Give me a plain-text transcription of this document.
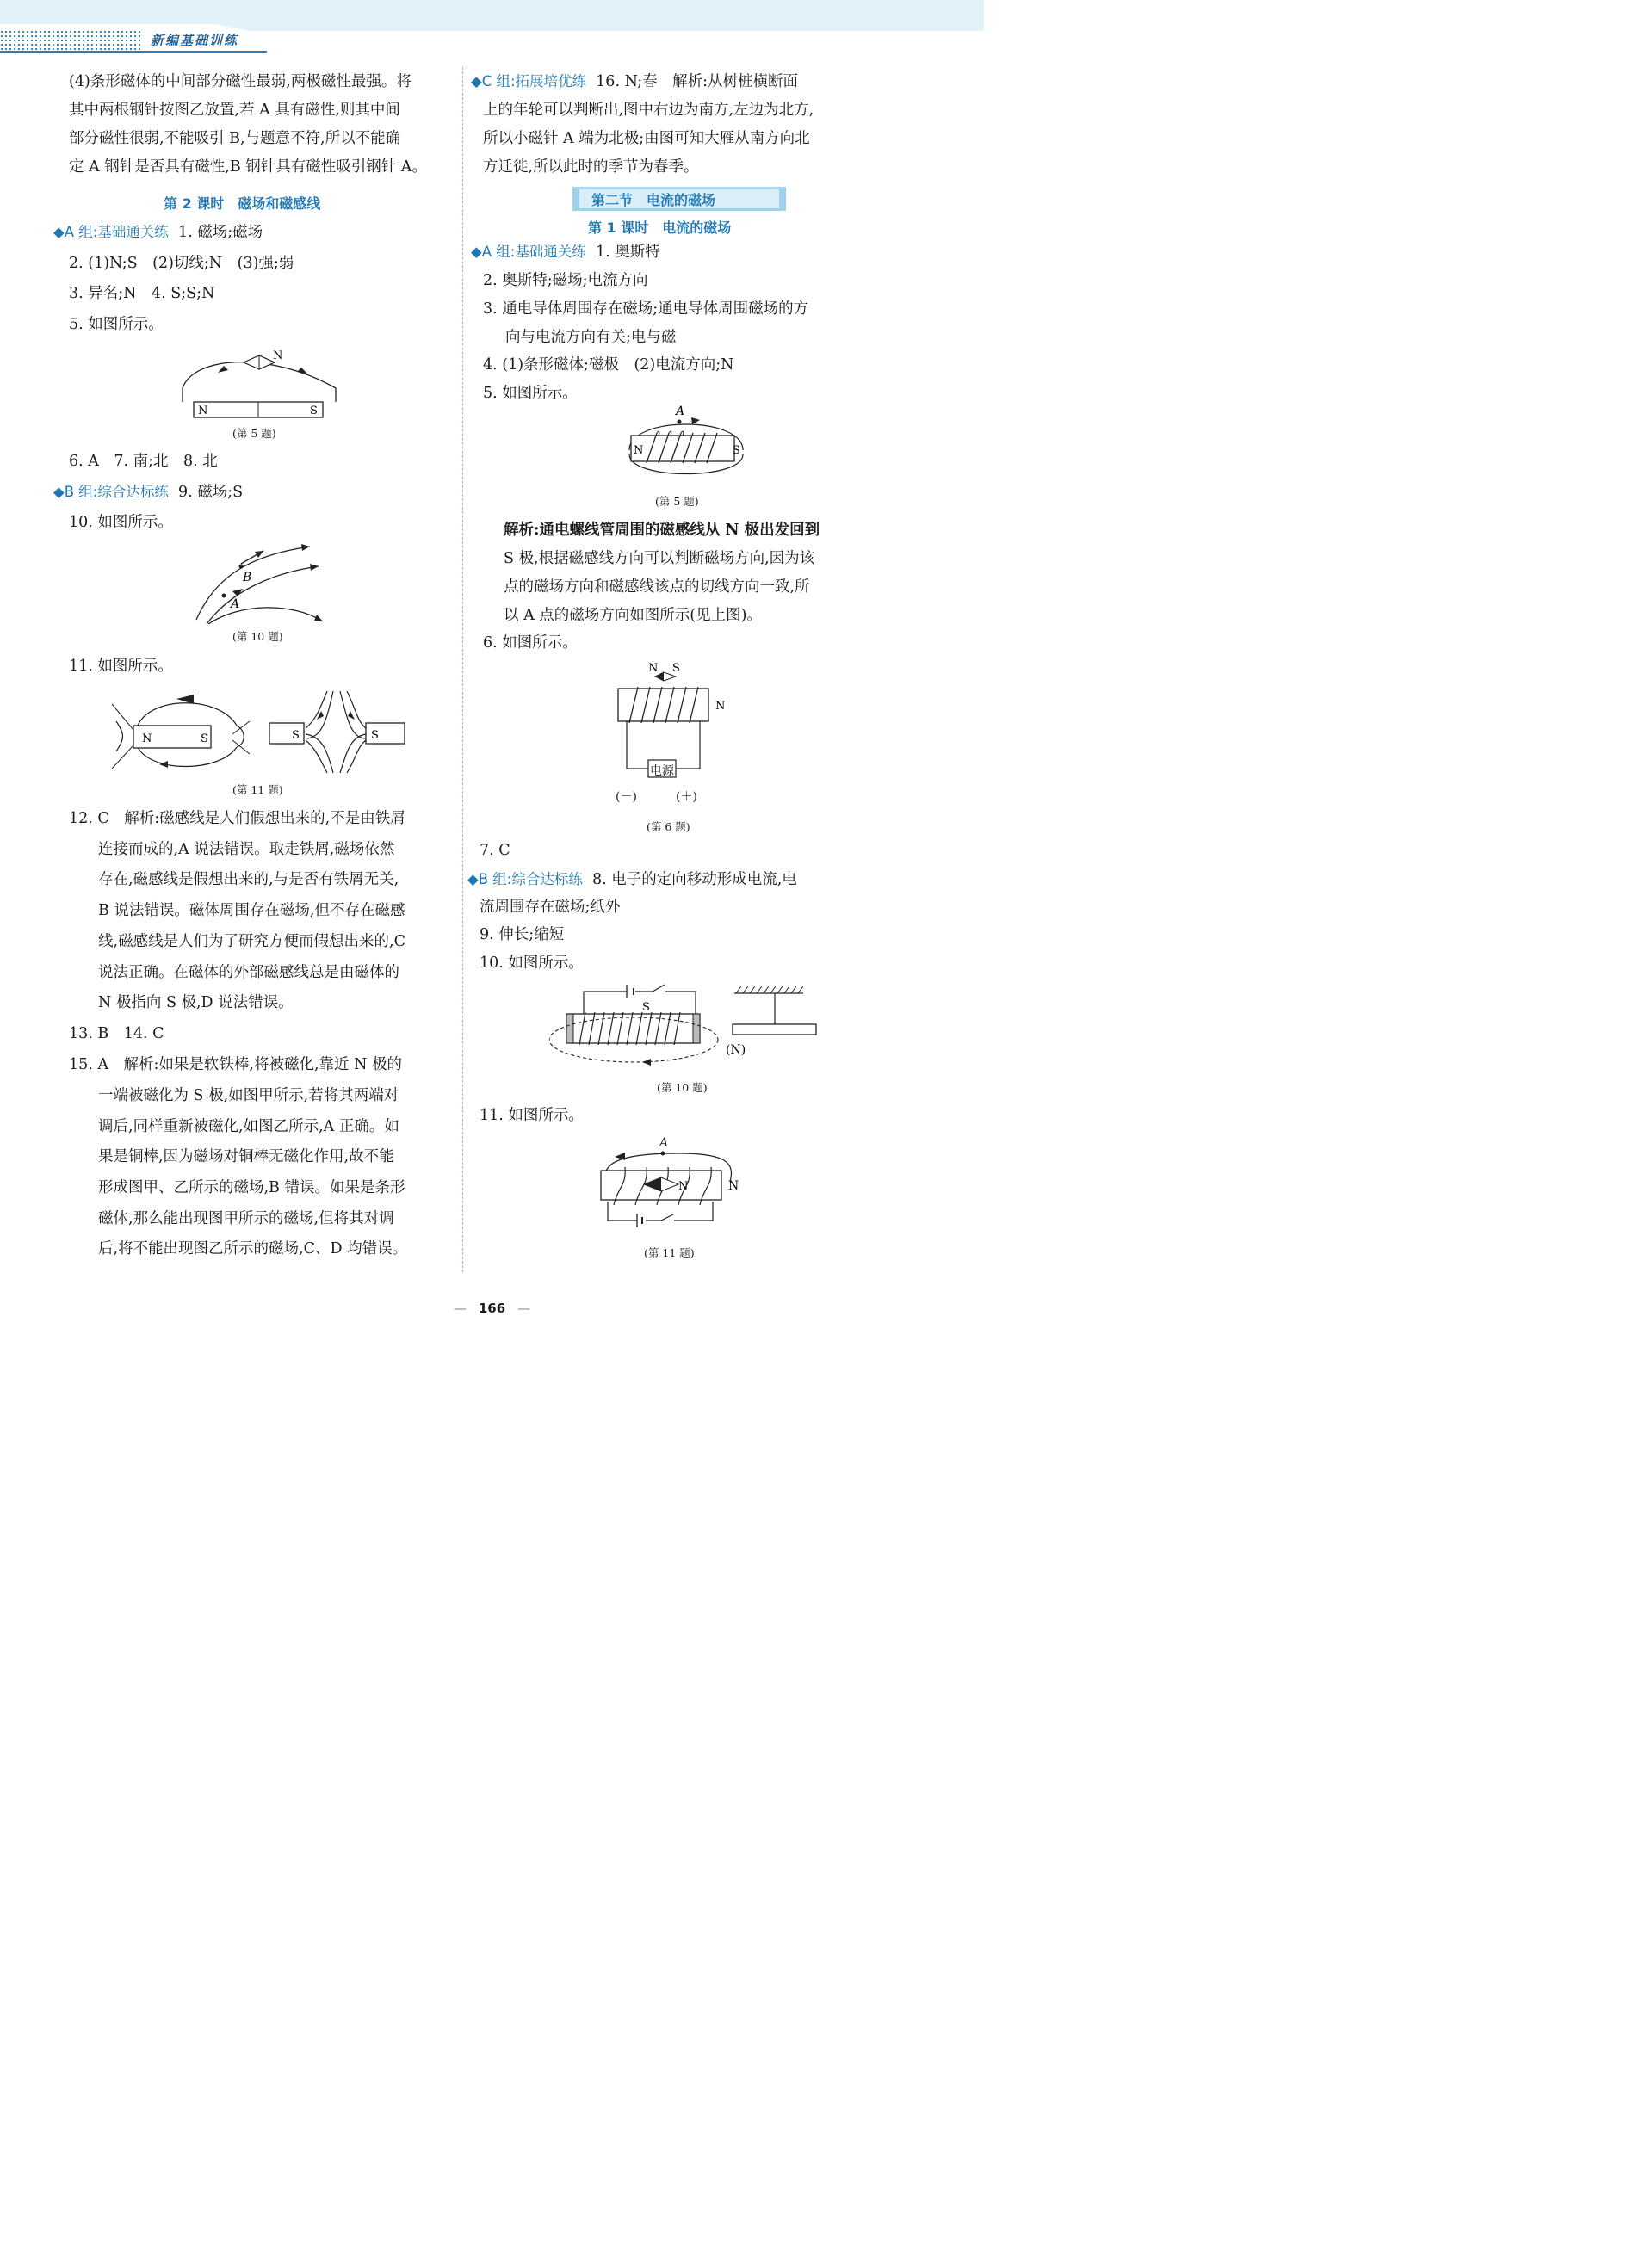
新编基础训练
(4)条形磁体的中间部分磁性最弱,两极磁性最强。将
其中两根钢针按图乙放置,若 A 具有磁性,则其中间
部分磁性很弱,不能吸引 B,与题意不符,所以不能确
定 A 钢针是否具有磁性,B 钢针具有磁性吸引钢针 A。
第 2 课时　磁场和磁感线
◆A 组:基础通关练 1. 磁场;磁场
2. (1)N;S　(2)切线;N　(3)强;弱
3. 异名;N　4. S;S;N
5. 如图所示。
N
N	S
(第 5 题)
6. A　7. 南;北　8. 北
◆B 组:综合达标练 9. 磁场;S
10. 如图所示。
B
A
(第 10 题)
11. 如图所示。
N	S	S	S
(第 11 题)
12. C　解析:磁感线是人们假想出来的,不是由铁屑
连接而成的,A 说法错误。取走铁屑,磁场依然
存在,磁感线是假想出来的,与是否有铁屑无关,
B 说法错误。磁体周围存在磁场,但不存在磁感
线,磁感线是人们为了研究方便而假想出来的,C
说法正确。在磁体的外部磁感线总是由磁体的
N 极指向 S 极,D 说法错误。
13. B　14. C
15. A　解析:如果是软铁棒,将被磁化,靠近 N 极的
一端被磁化为 S 极,如图甲所示,若将其两端对
调后,同样重新被磁化,如图乙所示,A 正确。如
果是铜棒,因为磁场对铜棒无磁化作用,故不能
形成图甲、乙所示的磁场,B 错误。如果是条形
磁体,那么能出现图甲所示的磁场,但将其对调
后,将不能出现图乙所示的磁场,C、D 均错误。
◆C 组:拓展培优练 16. N;春　解析:从树桩横断面
上的年轮可以判断出,图中右边为南方,左边为北方,
所以小磁针 A 端为北极;由图可知大雁从南方向北
方迁徙,所以此时的季节为春季。
第二节　电流的磁场
第 1 课时　电流的磁场
◆A 组:基础通关练 1. 奥斯特
2. 奥斯特;磁场;电流方向
3. 通电导体周围存在磁场;通电导体周围磁场的方
向与电流方向有关;电与磁
4. (1)条形磁体;磁极　(2)电流方向;N
5. 如图所示。
A
N	S
(第 5 题)
解析:通电螺线管周围的磁感线从 N 极出发回到
S 极,根据磁感线方向可以判断磁场方向,因为该
点的磁场方向和磁感线该点的切线方向一致,所
以 A 点的磁场方向如图所示(见上图)。
6. 如图所示。
N S
N
电源
(－)	(＋)
(第 6 题)
7. C
◆B 组:综合达标练 8. 电子的定向移动形成电流,电
流周围存在磁场;纸外
9. 伸长;缩短
10. 如图所示。
S
(N)
(第 10 题)
11. 如图所示。
A
N	N
(第 11 题)
— 166 —
